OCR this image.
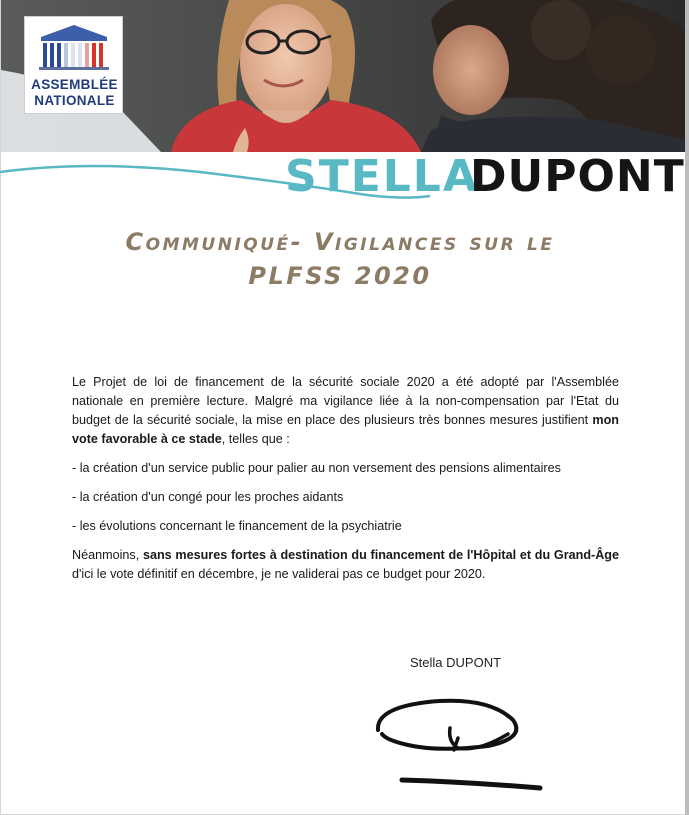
ASSEMBLÉE
NATIONALE
STELLA
DUPONT
Communiqué- Vigilances sur le
PLFSS 2020

Le Projet de loi de financement de la sécurité sociale 2020 a été adopté par l'Assemblée nationale en première lecture. Malgré ma vigilance liée à la non-compensation par l'Etat du budget de la sécurité sociale, la mise en place des plusieurs très bonnes mesures justifient mon vote favorable à ce stade, telles que :

- la création d'un service public pour palier au non versement des pensions alimentaires

- la création d'un congé pour les proches aidants

- les évolutions concernant le financement de la psychiatrie

Néanmoins, sans mesures fortes à destination du financement de l'Hôpital et du Grand-Âge d'ici le vote définitif en décembre, je ne validerai pas ce budget pour 2020.

Stella DUPONT
